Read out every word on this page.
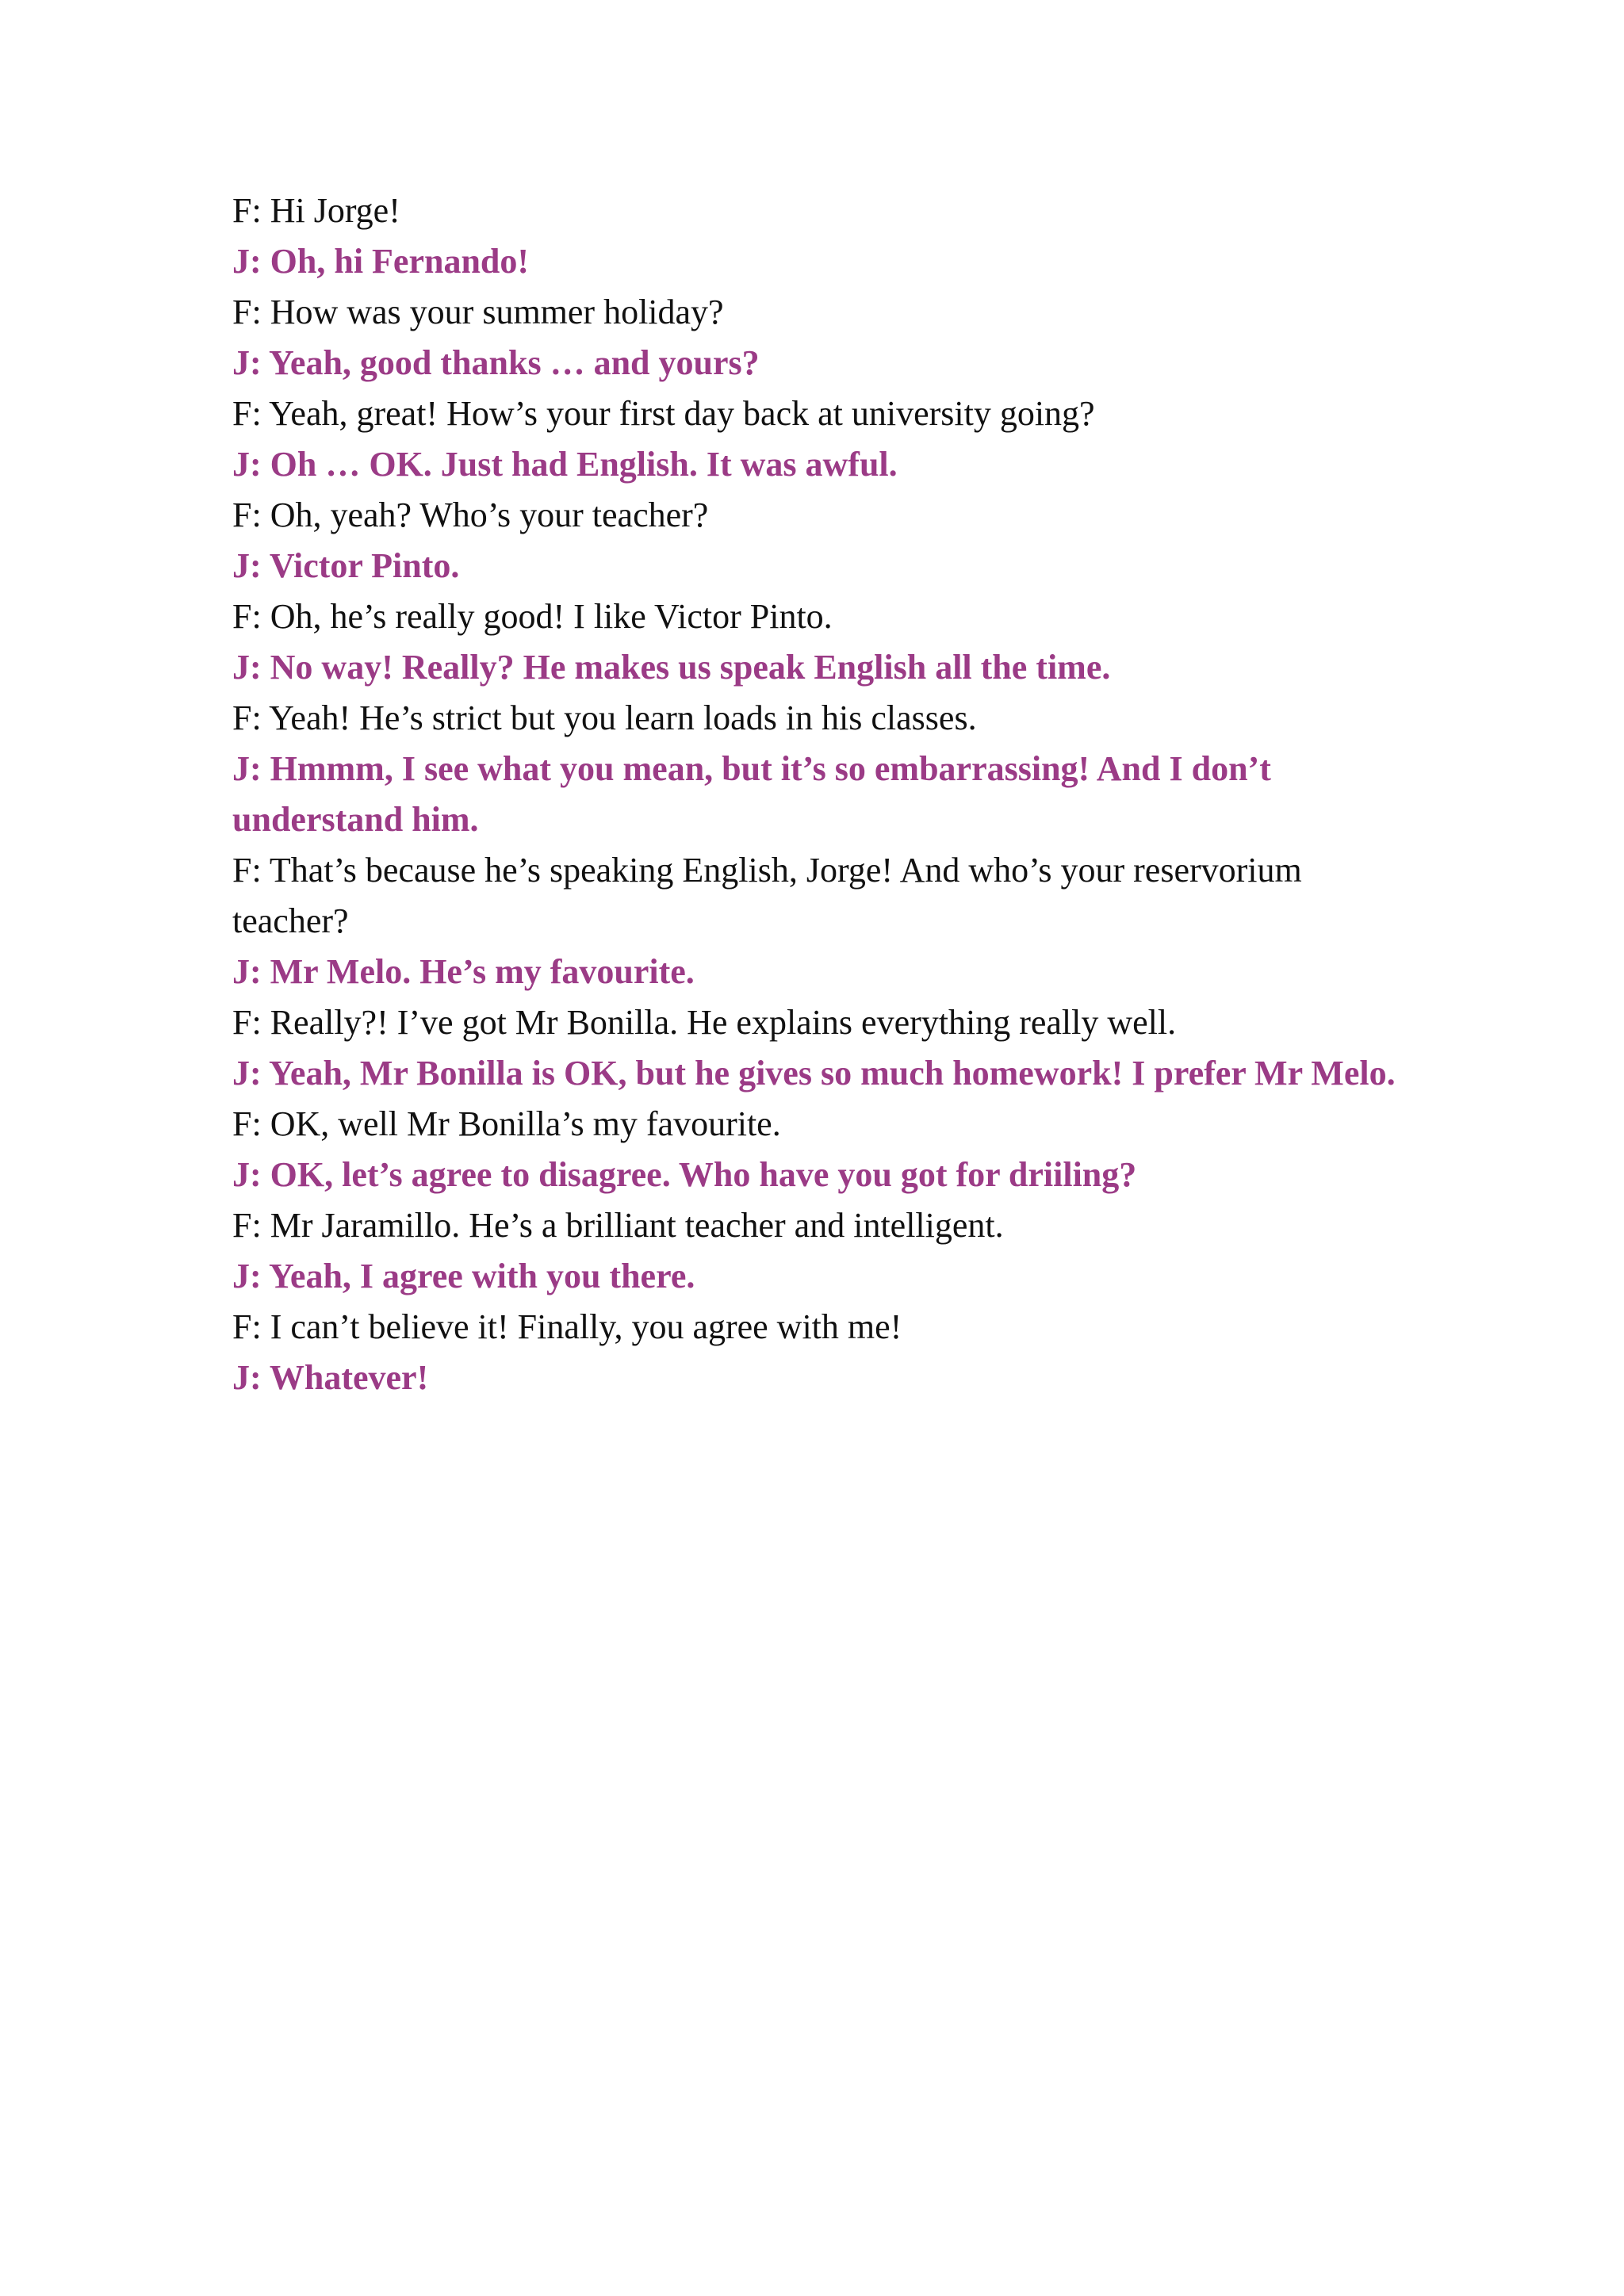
F: Hi Jorge!

J: Oh, hi Fernando!

F: How was your summer holiday?

J: Yeah, good thanks … and yours?

F: Yeah, great! How’s your first day back at university going?

J: Oh … OK. Just had English. It was awful.

F: Oh, yeah? Who’s your teacher?

J: Victor Pinto.

F: Oh, he’s really good! I like Victor Pinto.

J: No way! Really? He makes us speak English all the time.

F: Yeah! He’s strict but you learn loads in his classes.

J: Hmmm, I see what you mean, but it’s so embarrassing! And I don’t understand him.

F: That’s because he’s speaking English, Jorge! And who’s your reservorium teacher?

J: Mr Melo. He’s my favourite.

F: Really?! I’ve got Mr Bonilla. He explains everything really well.

J: Yeah, Mr Bonilla is OK, but he gives so much homework! I prefer Mr Melo.

F: OK, well Mr Bonilla’s my favourite.

J: OK, let’s agree to disagree. Who have you got for driiling?

F: Mr Jaramillo. He’s a brilliant teacher and intelligent.

J: Yeah, I agree with you there.

F: I can’t believe it! Finally, you agree with me!

J: Whatever!
